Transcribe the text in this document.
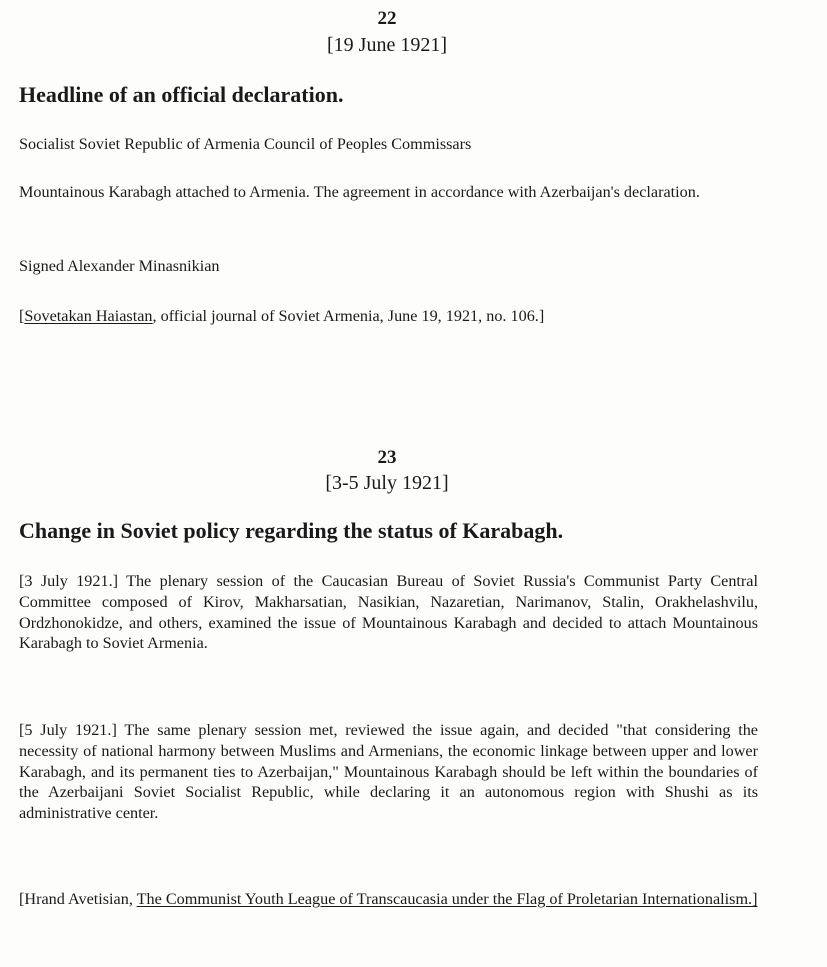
22
[19 June 1921]
Headline of an official declaration.

Socialist Soviet Republic of Armenia Council of Peoples Commissars

Mountainous Karabagh attached to Armenia. The agreement in accordance with Azerbaijan's declaration.

Signed Alexander Minasnikian

[Sovetakan Haiastan, official journal of Soviet Armenia, June 19, 1921, no. 106.]

23
[3-5 July 1921]
Change in Soviet policy regarding the status of Karabagh.

[3 July 1921.] The plenary session of the Caucasian Bureau of Soviet Russia's Communist Party Central Committee composed of Kirov, Makharsatian, Nasikian, Nazaretian, Narimanov, Stalin, Orakhelashvilu, Ordzhonokidze, and others, examined the issue of Mountainous Karabagh and decided to attach Mountainous Karabagh to Soviet Armenia.

[5 July 1921.] The same plenary session met, reviewed the issue again, and decided "that considering the necessity of national harmony between Muslims and Armenians, the economic linkage between upper and lower Karabagh, and its permanent ties to Azerbaijan," Mountainous Karabagh should be left within the boundaries of the Azerbaijani Soviet Socialist Republic, while declaring it an autonomous region with Shushi as its administrative center.

[Hrand Avetisian, The Communist Youth League of Transcaucasia under the Flag of Proletarian Internationalism.]
